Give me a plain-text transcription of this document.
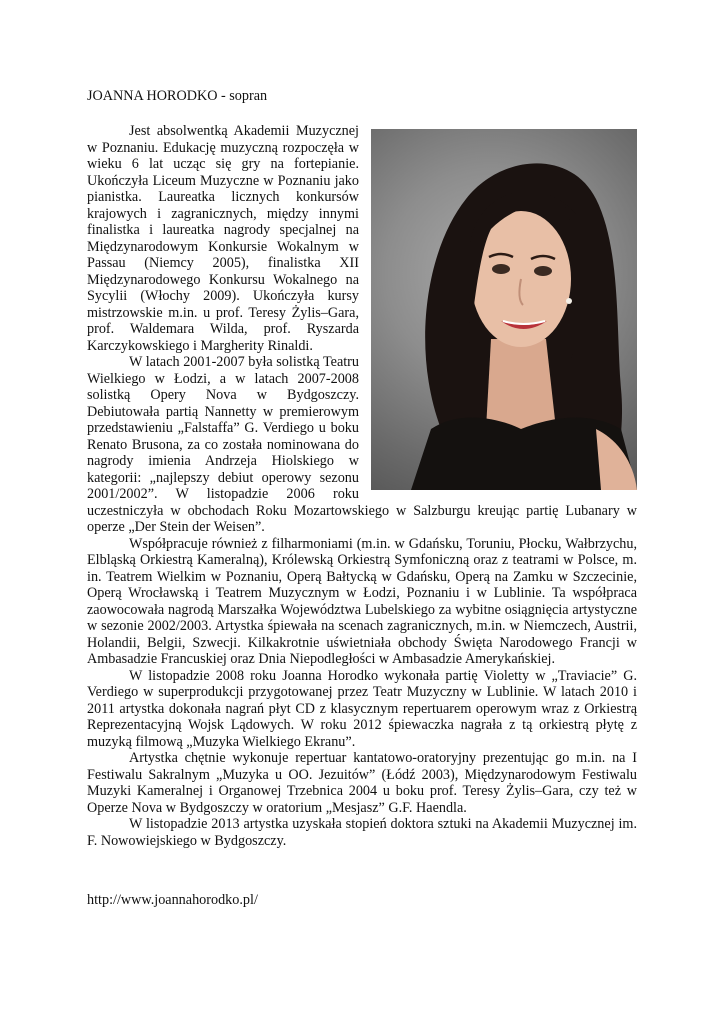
JOANNA HORODKO - sopran

Jest absolwentką Akademii Muzycznej w Poznaniu. Edukację muzyczną rozpoczęła w wieku 6 lat ucząc się gry na fortepianie. Ukończyła Liceum Muzyczne w Poznaniu jako pianistka. Laureatka licznych konkursów krajowych i zagranicznych, między innymi finalistka i laureatka nagrody specjalnej na Międzynarodowym Konkursie Wokalnym w Passau (Niemcy 2005), finalistka XII Międzynarodowego Konkursu Wokalnego na Sycylii (Włochy 2009). Ukończyła kursy mistrzowskie m.in. u prof. Teresy Żylis–Gara, prof. Waldemara Wilda, prof. Ryszarda Karczykowskiego i Margherity Rinaldi.

W latach 2001-2007 była solistką Teatru Wielkiego w Łodzi, a w latach 2007-2008 solistką Opery Nova w Bydgoszczy. Debiutowała partią Nannetty w premierowym przedstawieniu „Falstaffa” G. Verdiego u boku Renato Brusona, za co została nominowana do nagrody imienia Andrzeja Hiolskiego w kategorii: „najlepszy debiut operowy sezonu 2001/2002”. W listopadzie 2006 roku uczestniczyła w obchodach Roku Mozartowskiego w Salzburgu kreując partię Lubanary w operze „Der Stein der Weisen”.

Współpracuje również z filharmoniami (m.in. w Gdańsku, Toruniu, Płocku, Wałbrzychu, Elbląską Orkiestrą Kameralną), Królewską Orkiestrą Symfoniczną oraz z teatrami w Polsce, m. in. Teatrem Wielkim w Poznaniu, Operą Bałtycką w Gdańsku, Operą na Zamku w Szczecinie, Operą Wrocławską i Teatrem Muzycznym w Łodzi, Poznaniu i w Lublinie. Ta współpraca zaowocowała nagrodą Marszałka Województwa Lubelskiego za wybitne osiągnięcia artystyczne w sezonie 2002/2003. Artystka śpiewała na scenach zagranicznych, m.in. w Niemczech, Austrii, Holandii, Belgii, Szwecji. Kilkakrotnie uświetniała obchody Święta Narodowego Francji w Ambasadzie Francuskiej oraz Dnia Niepodległości w Ambasadzie Amerykańskiej.

W listopadzie 2008 roku Joanna Horodko wykonała partię Violetty w „Traviacie” G. Verdiego w superprodukcji przygotowanej przez Teatr Muzyczny w Lublinie. W latach 2010 i 2011 artystka dokonała nagrań płyt CD z klasycznym repertuarem operowym wraz z Orkiestrą Reprezentacyjną Wojsk Lądowych. W roku 2012 śpiewaczka nagrała z tą orkiestrą płytę z muzyką filmową „Muzyka Wielkiego Ekranu”.

Artystka chętnie wykonuje repertuar kantatowo-oratoryjny prezentując go m.in. na I Festiwalu Sakralnym „Muzyka u OO. Jezuitów” (Łódź 2003), Międzynarodowym Festiwalu Muzyki Kameralnej i Organowej Trzebnica 2004 u boku prof. Teresy Żylis–Gara, czy też w Operze Nova w Bydgoszczy w oratorium „Mesjasz” G.F. Haendla.

W listopadzie 2013 artystka uzyskała stopień doktora sztuki na Akademii Muzycznej im. F. Nowowiejskiego w Bydgoszczy.

http://www.joannahorodko.pl/
